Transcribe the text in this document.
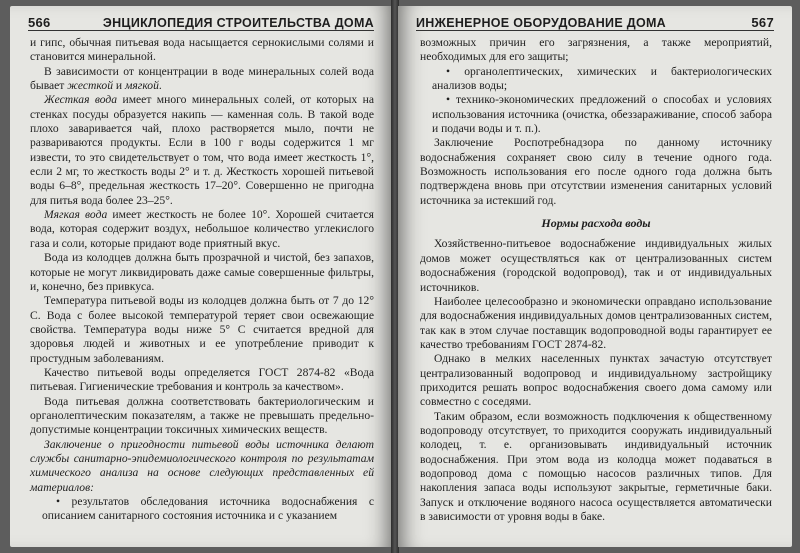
566	ЭНЦИКЛОПЕДИЯ СТРОИТЕЛЬСТВА ДОМА

и гипс, обычная питьевая вода насыщается сернокислыми солями и становится минеральной.

В зависимости от концентрации в воде минеральных солей вода бывает жесткой и мягкой.

Жесткая вода имеет много минеральных солей, от которых на стенках посуды образуется накипь — каменная соль. В такой воде плохо заваривается чай, плохо растворяется мыло, почти не развариваются продукты. Если в 100 г воды содержится 1 мг извести, то это свидетельствует о том, что вода имеет жесткость 1°, если 2 мг, то жесткость воды 2° и т. д. Жесткость хорошей питьевой воды 6–8°, предельная жесткость 17–20°. Совершенно не пригодна для питья вода более 23–25°.

Мягкая вода имеет жесткость не более 10°. Хорошей считается вода, которая содержит воздух, небольшое количество углекислого газа и соли, которые придают воде приятный вкус.

Вода из колодцев должна быть прозрачной и чистой, без запахов, которые не могут ликвидировать даже самые совершенные фильтры, и, конечно, без привкуса.

Температура питьевой воды из колодцев должна быть от 7 до 12° С. Вода с более высокой температурой теряет свои освежающие свойства. Температура воды ниже 5° С считается вредной для здоровья людей и животных и ее употребление приводит к простудным заболеваниям.

Качество питьевой воды определяется ГОСТ 2874-82 «Вода питьевая. Гигиенические требования и контроль за качеством».

Вода питьевая должна соответствовать бактериологическим и органолептическим показателям, а также не превышать предельно-допустимые концентрации токсичных химических веществ.

Заключение о пригодности питьевой воды источника делают службы санитарно-эпидемиологического контроля по результатам химического анализа на основе следующих представленных ей материалов:

• результатов обследования источника водоснабжения с описанием санитарного состояния источника и с указанием

ИНЖЕНЕРНОЕ ОБОРУДОВАНИЕ ДОМА	567

возможных причин его загрязнения, а также мероприятий, необходимых для его защиты;

• органолептических, химических и бактериологических анализов воды;

• технико-экономических предложений о способах и условиях использования источника (очистка, обеззараживание, способ забора и подачи воды и т. п.).

Заключение Роспотребнадзора по данному источнику водоснабжения сохраняет свою силу в течение одного года. Возможность использования его после одного года должна быть подтверждена вновь при отсутствии изменения санитарных условий источника за истекший год.

Нормы расхода воды

Хозяйственно-питьевое водоснабжение индивидуальных жилых домов может осуществляться как от централизованных систем водоснабжения (городской водопровод), так и от индивидуальных источников.

Наиболее целесообразно и экономически оправдано использование для водоснабжения индивидуальных домов централизованных систем, так как в этом случае поставщик водопроводной воды гарантирует ее качество требованиям ГОСТ 2874-82.

Однако в мелких населенных пунктах зачастую отсутствует централизованный водопровод и индивидуальному застройщику приходится решать вопрос водоснабжения своего дома самому или совместно с соседями.

Таким образом, если возможность подключения к общественному водопроводу отсутствует, то приходится сооружать индивидуальный колодец, т. е. организовывать индивидуальный источник водоснабжения. При этом вода из колодца может подаваться в водопровод дома с помощью насосов различных типов. Для накопления запаса воды используют закрытые, герметичные баки. Запуск и отключение водяного насоса осуществляется автоматически в зависимости от уровня воды в баке.
